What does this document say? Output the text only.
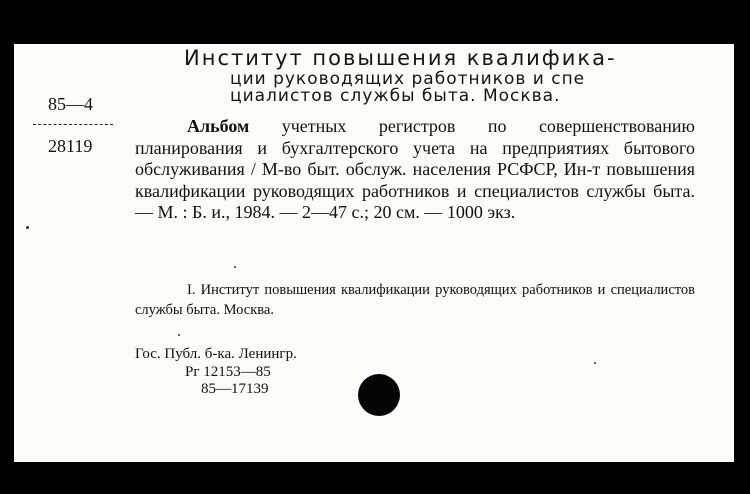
Институт повышения квалифика-
ции руководящих работников и спе
циалистов службы быта. Москва.
85—4
28119
Альбом учетных регистров по совершенствованию планирования и бухгалтерского учета на предприятиях бытового обслуживания / М-во быт. обслуж. населения РСФСР, Ин-т повышения квалификации руководящих работников и специалистов службы быта. — М. : Б. и., 1984. — 2—47 с.; 20 см. — 1000 экз.
I. Институт повышения квалификации руководящих работников и специалистов службы быта. Москва.
Гос. Публ. б-ка. Ленингр.
Рг 12153—85
85—17139
